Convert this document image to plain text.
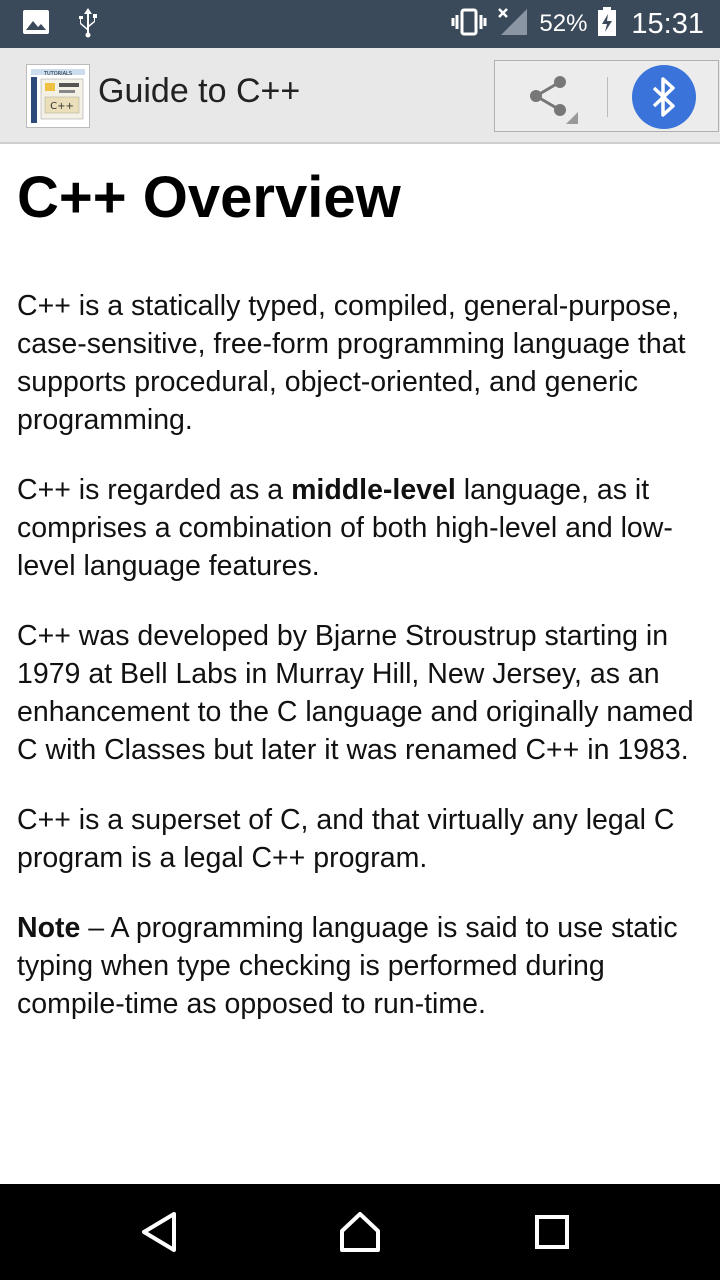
52% 15:31
TUTORIALS
C++ Guide to C++
C++ Overview

C++ is a statically typed, compiled, general-purpose, case-sensitive, free-form programming language that supports procedural, object-oriented, and generic programming.

C++ is regarded as a middle-level language, as it comprises a combination of both high-level and low-level language features.

C++ was developed by Bjarne Stroustrup starting in 1979 at Bell Labs in Murray Hill, New Jersey, as an enhancement to the C language and originally named C with Classes but later it was renamed C++ in 1983.

C++ is a superset of C, and that virtually any legal C program is a legal C++ program.

Note – A programming language is said to use static typing when type checking is performed during compile-time as opposed to run-time.
